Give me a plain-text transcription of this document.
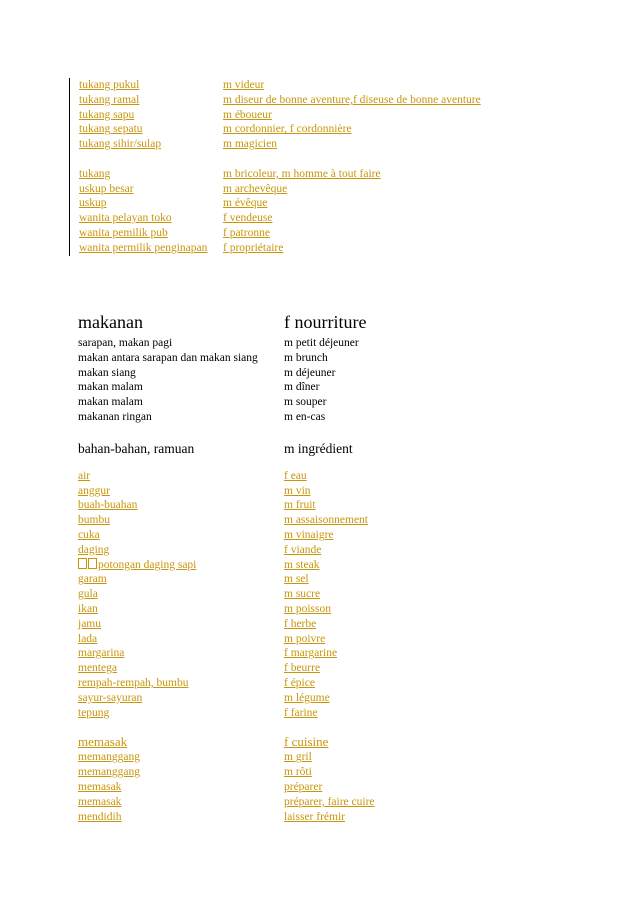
tukang pukul	m videur
tukang ramal	m diseur de bonne aventure,f diseuse de bonne aventure
tukang sapu	m éboueur
tukang sepatu	m cordonnier, f cordonnière
tukang sihir/sulap	m magicien
tukang	m bricoleur, m homme à tout faire
uskup besar	m archevêque
uskup	m évêque
wanita pelayan toko	f vendeuse
wanita pemilik pub	f patronne
wanita permilik penginapan	f propriétaire
makanan	f nourriture
sarapan, makan pagi	m petit déjeuner
makan antara sarapan dan makan siang	m brunch
makan siang	m déjeuner
makan malam	m dîner
makan malam	m souper
makanan ringan	m en-cas
bahan-bahan, ramuan	m ingrédient
air	f eau
anggur	m vin
buah-buahan	m fruit
bumbu	m assaisonnement
cuka	m vinaigre
daging	f viande
potongan daging sapi	m steak
garam	m sel
gula	m sucre
ikan	m poisson
jamu	f herbe
lada	m poivre
margarina	f margarine
mentega	f beurre
rempah-rempah, bumbu	f épice
sayur-sayuran	m légume
tepung	f farine
memasak	f cuisine
memanggang	m gril
memanggang	m rôti
memasak	préparer
memasak	préparer, faire cuire
mendidih	laisser frémir
